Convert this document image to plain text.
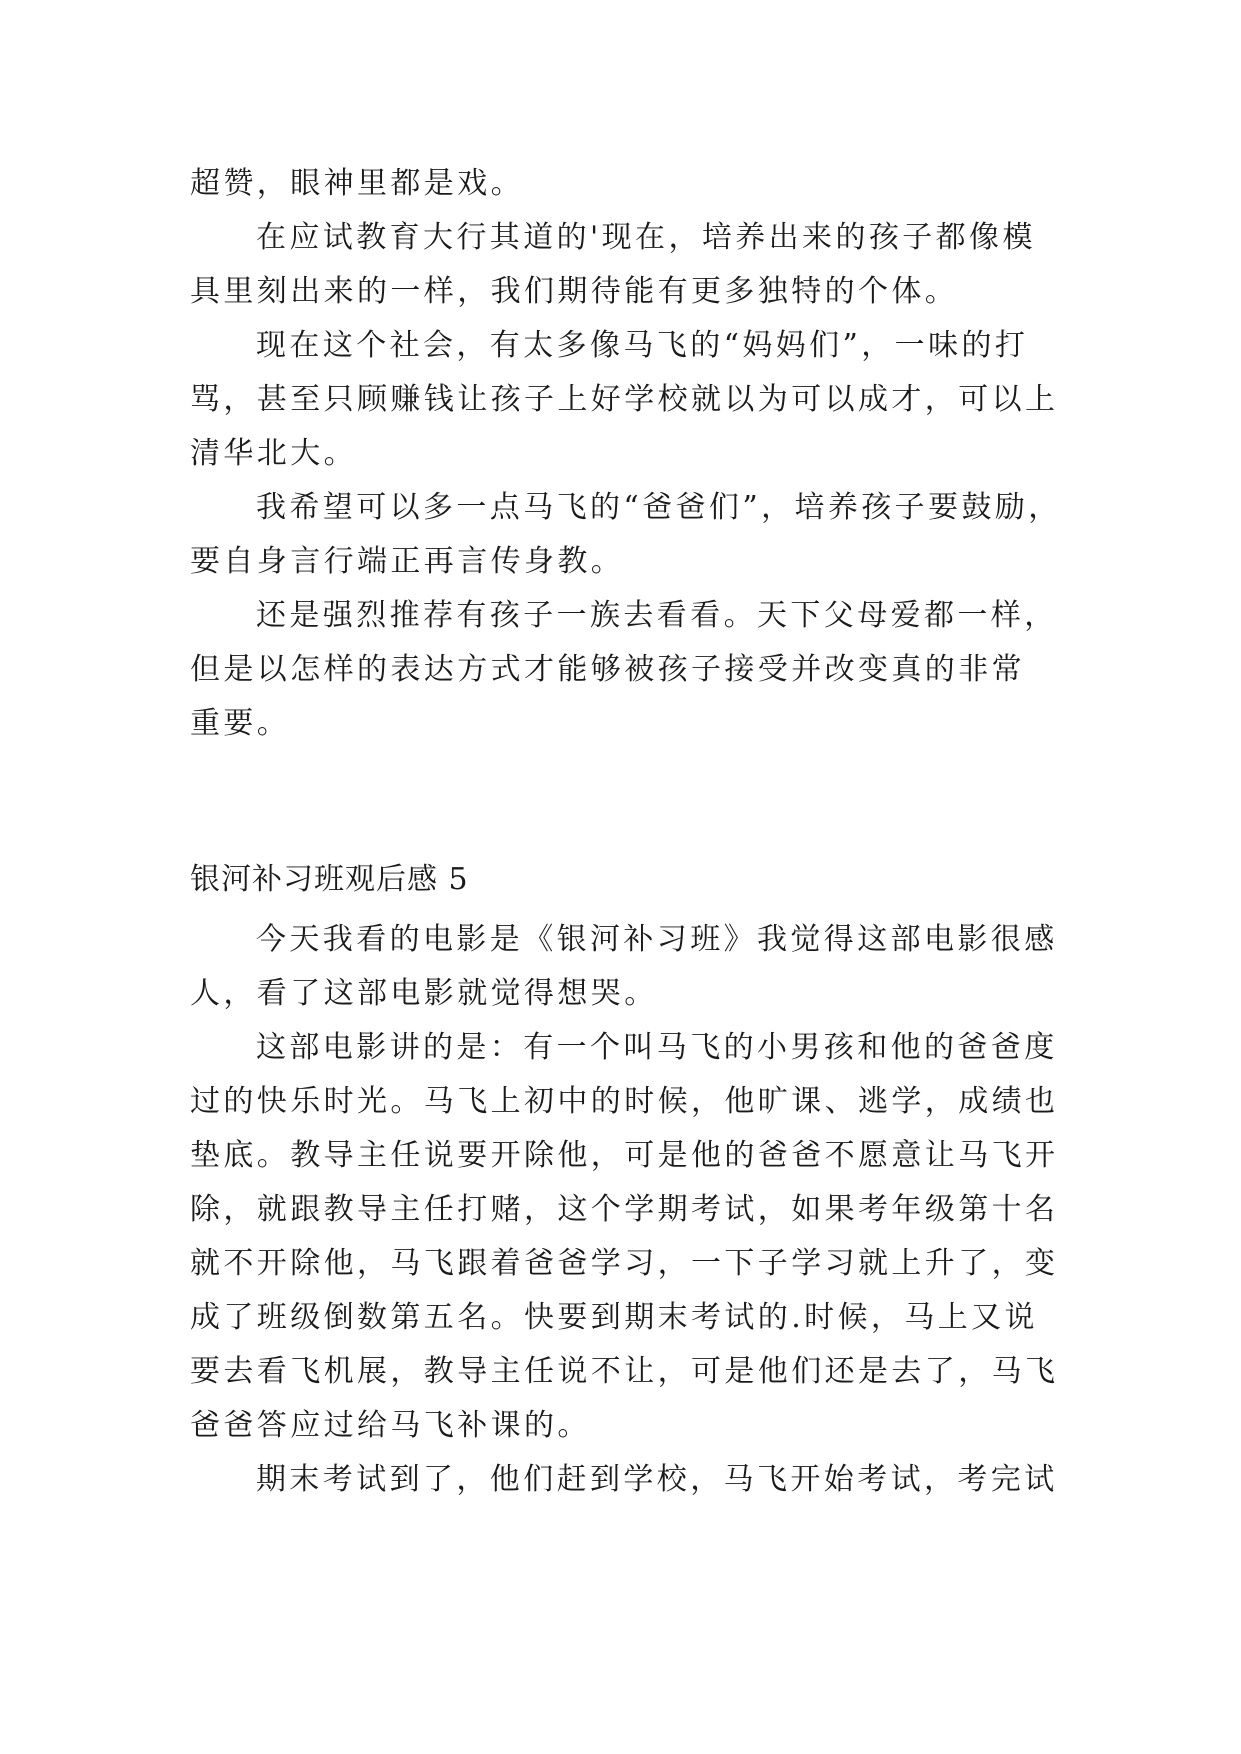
超赞，眼神里都是戏。
在应试教育大行其道的'现在，培养出来的孩子都像模
具里刻出来的一样，我们期待能有更多独特的个体。
现在这个社会，有太多像马飞的“妈妈们”，一味的打
骂，甚至只顾赚钱让孩子上好学校就以为可以成才，可以上
清华北大。
我希望可以多一点马飞的“爸爸们”，培养孩子要鼓励，
要自身言行端正再言传身教。
还是强烈推荐有孩子一族去看看。天下父母爱都一样，
但是以怎样的表达方式才能够被孩子接受并改变真的非常
重要。
银河补习班观后感 5
今天我看的电影是《银河补习班》我觉得这部电影很感
人，看了这部电影就觉得想哭。
这部电影讲的是：有一个叫马飞的小男孩和他的爸爸度
过的快乐时光。马飞上初中的时候，他旷课、逃学，成绩也
垫底。教导主任说要开除他，可是他的爸爸不愿意让马飞开
除，就跟教导主任打赌，这个学期考试，如果考年级第十名
就不开除他，马飞跟着爸爸学习，一下子学习就上升了，变
成了班级倒数第五名。快要到期末考试的.时候，马上又说
要去看飞机展，教导主任说不让，可是他们还是去了，马飞
爸爸答应过给马飞补课的。
期末考试到了，他们赶到学校，马飞开始考试，考完试
